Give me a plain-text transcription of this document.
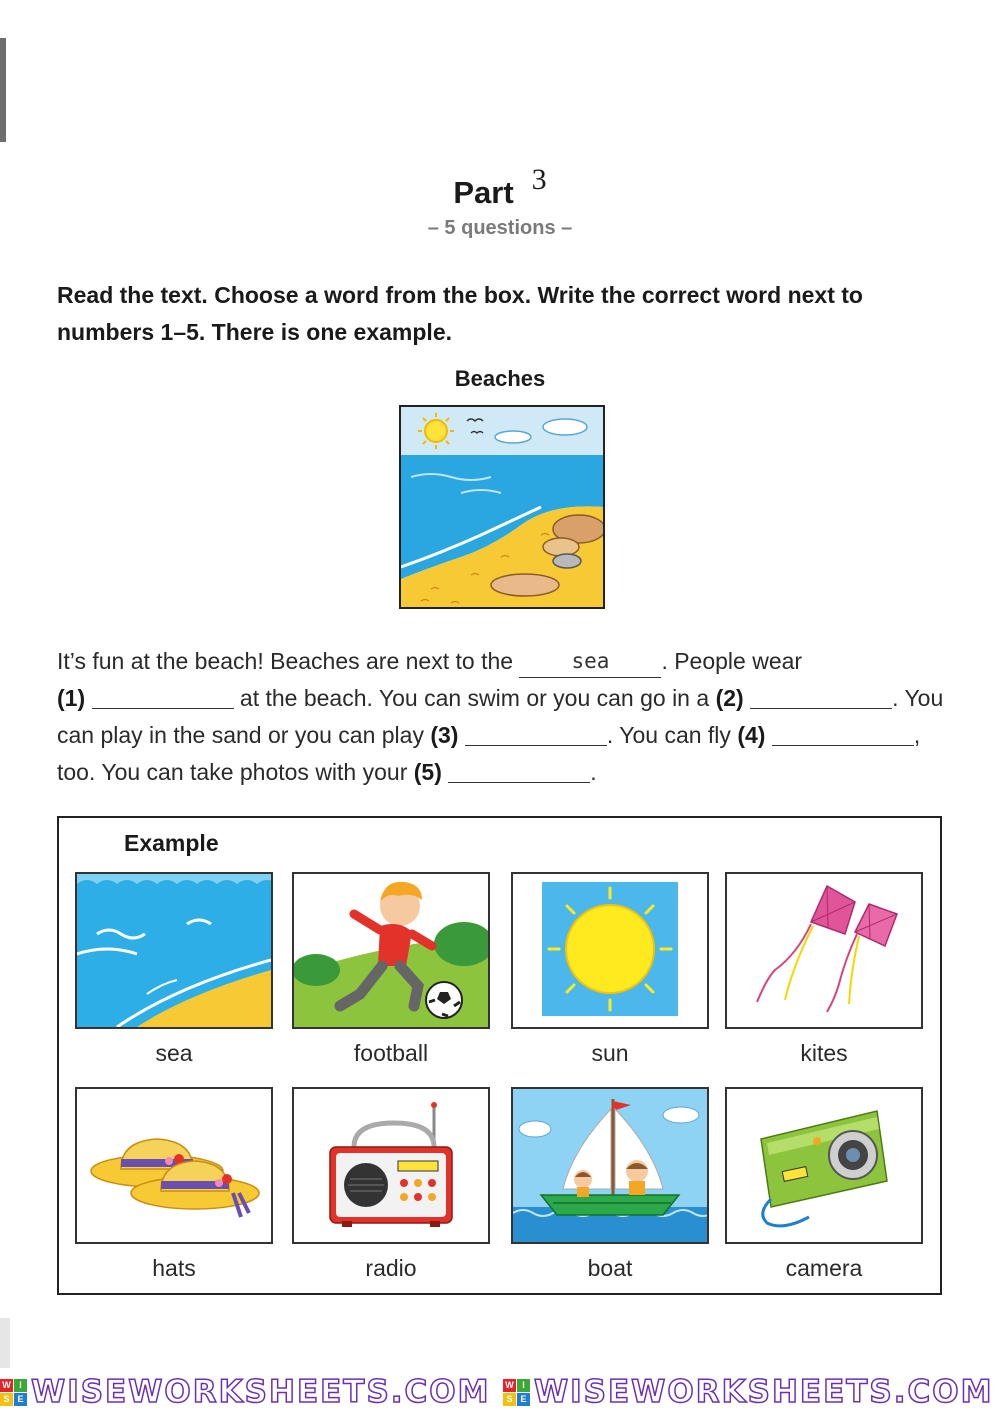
Part 3
– 5 questions –
Read the text. Choose a word from the box. Write the correct word next to numbers 1–5. There is one example.
Beaches
It’s fun at the beach! Beaches are next to the	sea . People wear
(1)	at the beach. You can swim or you can go in a (2)	. You can play in the sand or you can play (3)	. You can fly (4)	, too. You can take photos with your (5)	.
Example
sea	football	sun	kites
hats	radio	boat	camera
W I
S E WISEWORKSHEETS.COM
W I
S E WISEWORKSHEETS.COM
